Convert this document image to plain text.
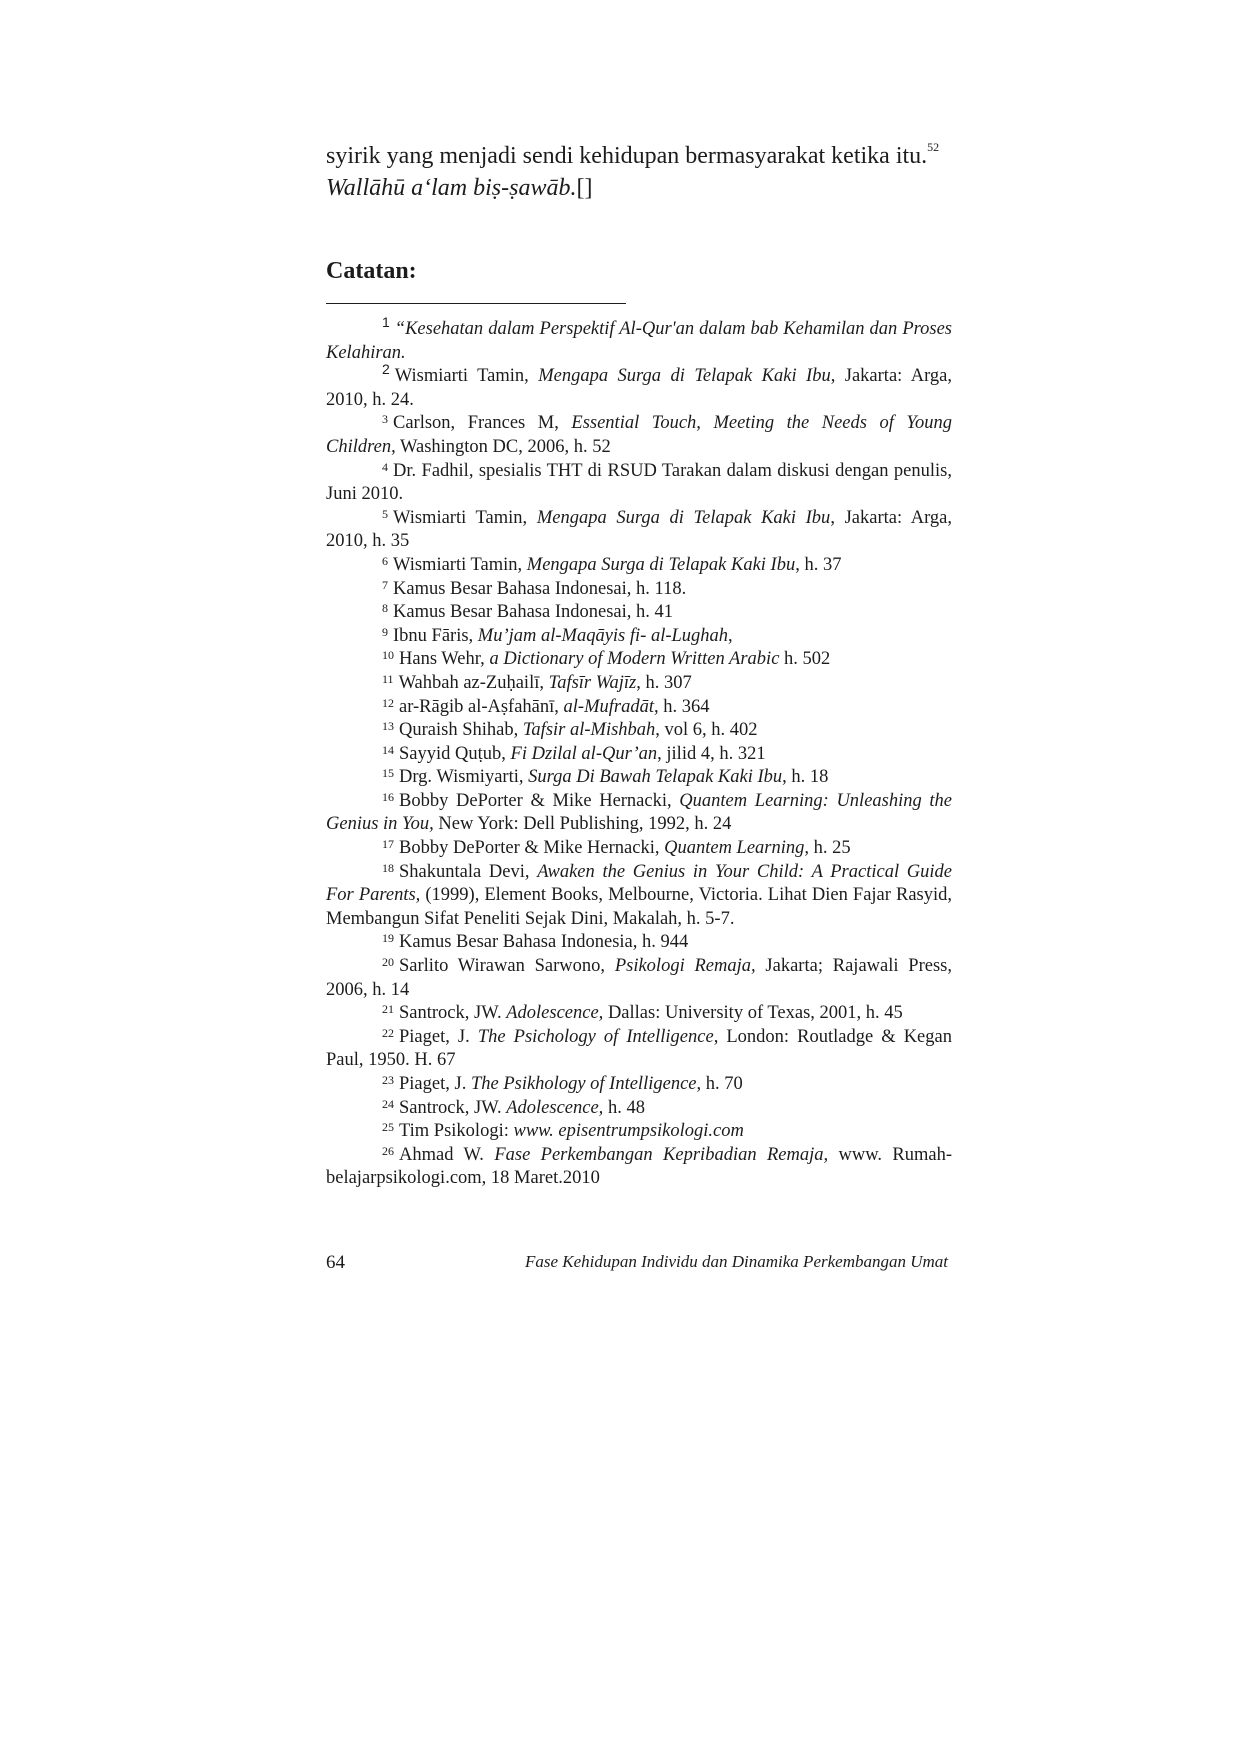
syirik yang menjadi sendi kehidupan bermasyarakat ketika itu.$^{52}$
Wallāhū a‘lam biṣ-ṣawāb.[]

Catatan:

$^1$ “Kesehatan dalam Perspektif Al-Qur'an dalam bab Kehamilan dan Proses Kelahiran.

$^2$ Wismiarti Tamin, Mengapa Surga di Telapak Kaki Ibu, Jakarta: Arga, 2010, h. 24.

$^3$ Carlson, Frances M, Essential Touch, Meeting the Needs of Young Children, Washington DC, 2006, h. 52

$^4$ Dr. Fadhil, spesialis THT di RSUD Tarakan dalam diskusi dengan penulis, Juni 2010.

$^5$ Wismiarti Tamin, Mengapa Surga di Telapak Kaki Ibu, Jakarta: Arga, 2010, h. 35

$^6$ Wismiarti Tamin, Mengapa Surga di Telapak Kaki Ibu, h. 37

$^7$ Kamus Besar Bahasa Indonesai, h. 118.

$^8$ Kamus Besar Bahasa Indonesai, h. 41

$^9$ Ibnu Fāris, Mu’jam al-Maqāyis fi- al-Lughah,

$^{10}$ Hans Wehr, a Dictionary of Modern Written Arabic h. 502

$^{11}$ Wahbah az-Zuḥailī, Tafsīr Wajīz, h. 307

$^{12}$ ar-Rāgib al-Aṣfahānī, al-Mufradāt, h. 364

$^{13}$ Quraish Shihab, Tafsir al-Mishbah, vol 6, h. 402

$^{14}$ Sayyid Quṭub, Fi Dzilal al-Qur’an, jilid 4, h. 321

$^{15}$ Drg. Wismiyarti, Surga Di Bawah Telapak Kaki Ibu, h. 18

$^{16}$ Bobby DePorter & Mike Hernacki, Quantem Learning: Unleashing the Genius in You, New York: Dell Publishing, 1992, h. 24

$^{17}$ Bobby DePorter & Mike Hernacki, Quantem Learning, h. 25

$^{18}$ Shakuntala Devi, Awaken the Genius in Your Child: A Practical Guide For Parents, (1999), Element Books, Melbourne, Victoria. Lihat Dien Fajar Rasyid, Membangun Sifat Peneliti Sejak Dini, Makalah, h. 5-7.

$^{19}$ Kamus Besar Bahasa Indonesia, h. 944

$^{20}$ Sarlito Wirawan Sarwono, Psikologi Remaja, Jakarta; Rajawali Press, 2006, h. 14

$^{21}$ Santrock, JW. Adolescence, Dallas: University of Texas, 2001, h. 45

$^{22}$ Piaget, J. The Psichology of Intelligence, London: Routladge & Kegan Paul, 1950. H. 67

$^{23}$ Piaget, J. The Psikhology of Intelligence, h. 70

$^{24}$ Santrock, JW. Adolescence, h. 48

$^{25}$ Tim Psikologi: www. episentrumpsikologi.com

$^{26}$ Ahmad W. Fase Perkembangan Kepribadian Remaja, www. Rumah-belajarpsikologi.com, 18 Maret.2010

64	Fase Kehidupan Individu dan Dinamika Perkembangan Umat
